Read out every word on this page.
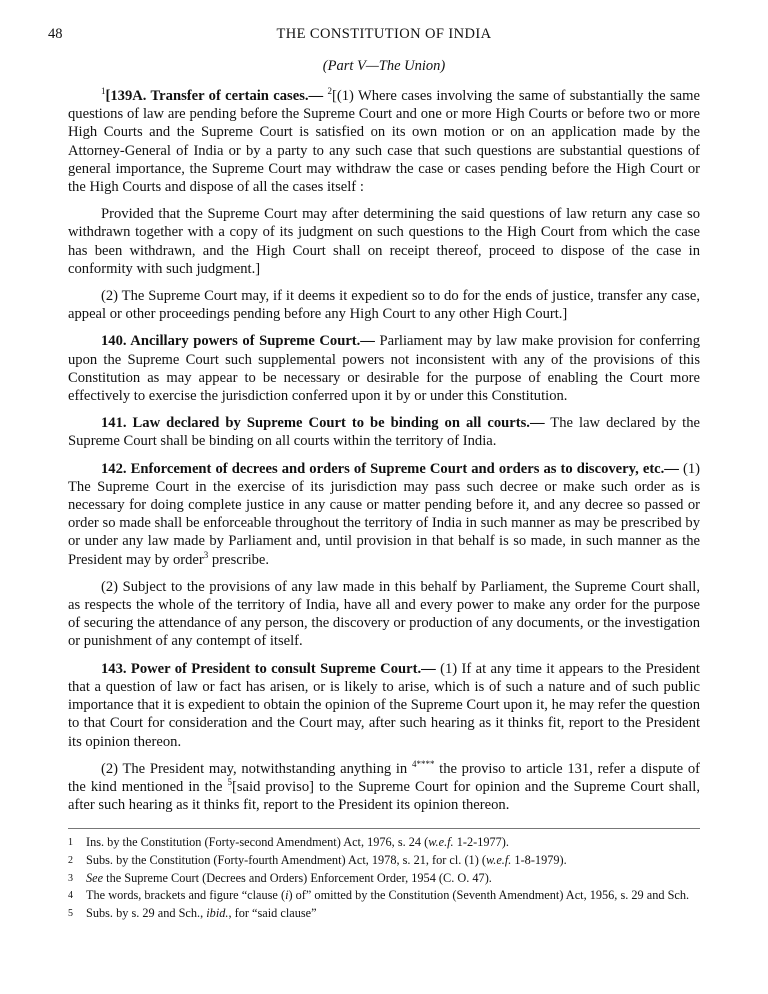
48	THE CONSTITUTION OF INDIA
(Part V—The Union)

$^1$[139A. Transfer of certain cases.— $^2$[(1) Where cases involving the same of substantially the same questions of law are pending before the Supreme Court and one or more High Courts or before two or more High Courts and the Supreme Court is satisfied on its own motion or on an application made by the Attorney-General of India or by a party to any such case that such questions are substantial questions of general importance, the Supreme Court may withdraw the case or cases pending before the High Court or the High Courts and dispose of all the cases itself :

Provided that the Supreme Court may after determining the said questions of law return any case so withdrawn together with a copy of its judgment on such questions to the High Court from which the case has been withdrawn, and the High Court shall on receipt thereof, proceed to dispose of the case in conformity with such judgment.]

(2) The Supreme Court may, if it deems it expedient so to do for the ends of justice, transfer any case, appeal or other proceedings pending before any High Court to any other High Court.]

140. Ancillary powers of Supreme Court.— Parliament may by law make provision for conferring upon the Supreme Court such supplemental powers not inconsistent with any of the provisions of this Constitution as may appear to be necessary or desirable for the purpose of enabling the Court more effectively to exercise the jurisdiction conferred upon it by or under this Constitution.

141. Law declared by Supreme Court to be binding on all courts.— The law declared by the Supreme Court shall be binding on all courts within the territory of India.

142. Enforcement of decrees and orders of Supreme Court and orders as to discovery, etc.— (1) The Supreme Court in the exercise of its jurisdiction may pass such decree or make such order as is necessary for doing complete justice in any cause or matter pending before it, and any decree so passed or order so made shall be enforceable throughout the territory of India in such manner as may be prescribed by or under any law made by Parliament and, until provision in that behalf is so made, in such manner as the President may by order$^3$ prescribe.

(2) Subject to the provisions of any law made in this behalf by Parliament, the Supreme Court shall, as respects the whole of the territory of India, have all and every power to make any order for the purpose of securing the attendance of any person, the discovery or production of any documents, or the investigation or punishment of any contempt of itself.

143. Power of President to consult Supreme Court.— (1) If at any time it appears to the President that a question of law or fact has arisen, or is likely to arise, which is of such a nature and of such public importance that it is expedient to obtain the opinion of the Supreme Court upon it, he may refer the question to that Court for consideration and the Court may, after such hearing as it thinks fit, report to the President its opinion thereon.

(2) The President may, notwithstanding anything in $^{4****}$ the proviso to article 131, refer a dispute of the kind mentioned in the $^5$[said proviso] to the Supreme Court for opinion and the Supreme Court shall, after such hearing as it thinks fit, report to the President its opinion thereon.

1 Ins. by the Constitution (Forty-second Amendment) Act, 1976, s. 24 (w.e.f. 1-2-1977).
2 Subs. by the Constitution (Forty-fourth Amendment) Act, 1978, s. 21, for cl. (1) (w.e.f. 1-8-1979).
3 See the Supreme Court (Decrees and Orders) Enforcement Order, 1954 (C. O. 47).
4 The words, brackets and figure “clause (i) of” omitted by the Constitution (Seventh Amendment) Act, 1956, s. 29 and Sch.
5 Subs. by s. 29 and Sch., ibid., for “said clause”
